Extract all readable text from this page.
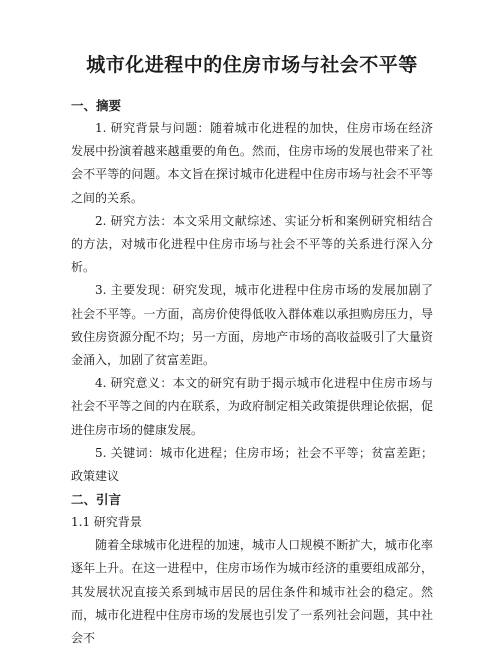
城市化进程中的住房市场与社会不平等
一、摘要

1. 研究背景与问题：随着城市化进程的加快，住房市场在经济发展中扮演着越来越重要的角色。然而，住房市场的发展也带来了社会不平等的问题。本文旨在探讨城市化进程中住房市场与社会不平等之间的关系。

2. 研究方法：本文采用文献综述、实证分析和案例研究相结合的方法，对城市化进程中住房市场与社会不平等的关系进行深入分析。

3. 主要发现：研究发现，城市化进程中住房市场的发展加剧了社会不平等。一方面，高房价使得低收入群体难以承担购房压力，导致住房资源分配不均；另一方面，房地产市场的高收益吸引了大量资金涌入，加剧了贫富差距。

4. 研究意义：本文的研究有助于揭示城市化进程中住房市场与社会不平等之间的内在联系，为政府制定相关政策提供理论依据，促进住房市场的健康发展。

5. 关键词：城市化进程；住房市场；社会不平等；贫富差距；政策建议

二、引言
1.1 研究背景

随着全球城市化进程的加速，城市人口规模不断扩大，城市化率逐年上升。在这一进程中，住房市场作为城市经济的重要组成部分，其发展状况直接关系到城市居民的居住条件和城市社会的稳定。然而，城市化进程中住房市场的发展也引发了一系列社会问题，其中社会不
